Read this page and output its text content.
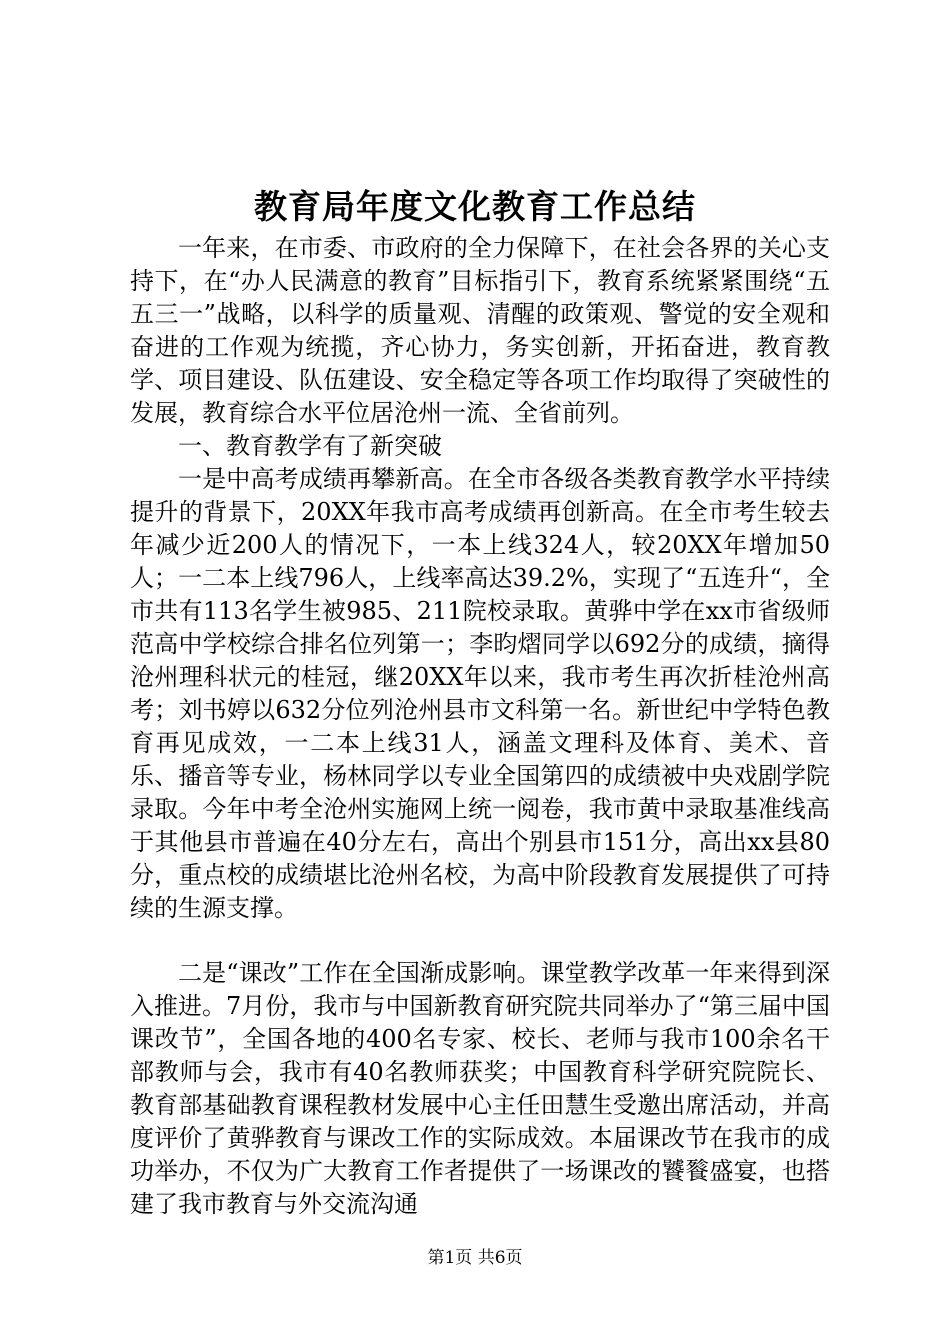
教育局年度文化教育工作总结

一年来，在市委、市政府的全力保障下，在社会各界的关心支持下，在“办人民满意的教育”目标指引下，教育系统紧紧围绕“五五三一”战略，以科学的质量观、清醒的政策观、警觉的安全观和奋进的工作观为统揽，齐心协力，务实创新，开拓奋进，教育教学、项目建设、队伍建设、安全稳定等各项工作均取得了突破性的发展，教育综合水平位居沧州一流、全省前列。

一、教育教学有了新突破

一是中高考成绩再攀新高。在全市各级各类教育教学水平持续提升的背景下，20XX年我市高考成绩再创新高。在全市考生较去年减少近200人的情况下，一本上线324人，较20XX年增加50人；一二本上线796人，上线率高达39.2%，实现了“五连升“，全市共有113名学生被985、211院校录取。黄骅中学在xx市省级师范高中学校综合排名位列第一；李昀熠同学以692分的成绩，摘得沧州理科状元的桂冠，继20XX年以来，我市考生再次折桂沧州高考；刘书婷以632分位列沧州县市文科第一名。新世纪中学特色教育再见成效，一二本上线31人，涵盖文理科及体育、美术、音乐、播音等专业，杨林同学以专业全国第四的成绩被中央戏剧学院录取。今年中考全沧州实施网上统一阅卷，我市黄中录取基准线高于其他县市普遍在40分左右，高出个别县市151分，高出xx县80分，重点校的成绩堪比沧州名校，为高中阶段教育发展提供了可持续的生源支撑。

二是“课改”工作在全国渐成影响。课堂教学改革一年来得到深入推进。7月份，我市与中国新教育研究院共同举办了“第三届中国课改节”，全国各地的400名专家、校长、老师与我市100余名干部教师与会，我市有40名教师获奖；中国教育科学研究院院长、教育部基础教育课程教材发展中心主任田慧生受邀出席活动，并高度评价了黄骅教育与课改工作的实际成效。本届课改节在我市的成功举办，不仅为广大教育工作者提供了一场课改的饕餮盛宴，也搭建了我市教育与外交流沟通

第1页 共6页
